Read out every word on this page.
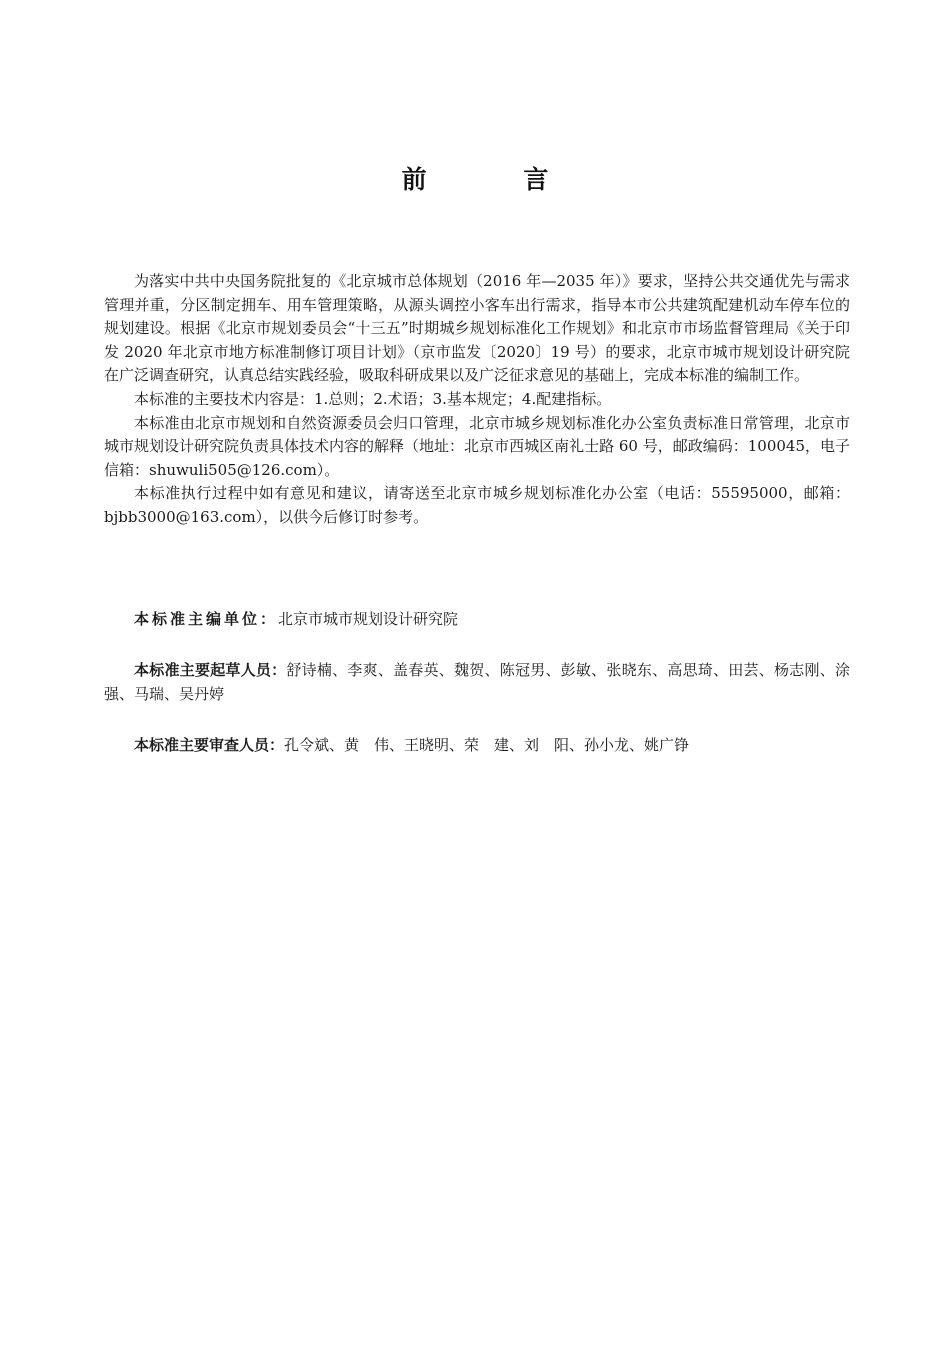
前 言

为落实中共中央国务院批复的《北京城市总体规划（2016 年—2035 年）》要求，坚持公共交通优先与需求管理并重，分区制定拥车、用车管理策略，从源头调控小客车出行需求，指导本市公共建筑配建机动车停车位的规划建设。根据《北京市规划委员会“十三五”时期城乡规划标准化工作规划》和北京市市场监督管理局《关于印发 2020 年北京市地方标准制修订项目计划》（京市监发〔2020〕19 号）的要求，北京市城市规划设计研究院在广泛调查研究，认真总结实践经验，吸取科研成果以及广泛征求意见的基础上，完成本标准的编制工作。

本标准的主要技术内容是：1.总则；2.术语；3.基本规定；4.配建指标。

本标准由北京市规划和自然资源委员会归口管理，北京市城乡规划标准化办公室负责标准日常管理，北京市城市规划设计研究院负责具体技术内容的解释（地址：北京市西城区南礼士路 60 号，邮政编码：100045，电子信箱：shuwuli505@126.com）。

本标准执行过程中如有意见和建议，请寄送至北京市城乡规划标准化办公室（电话：55595000，邮箱：bjbb3000@163.com），以供今后修订时参考。

本标准主编单位：北京市城市规划设计研究院
本标准主要起草人员：舒诗楠、李爽、盖春英、魏贺、陈冠男、彭敏、张晓东、高思琦、田芸、杨志刚、涂强、马瑞、吴丹婷
本标准主要审查人员：孔令斌、黄　伟、王晓明、荣　建、刘　阳、孙小龙、姚广铮
